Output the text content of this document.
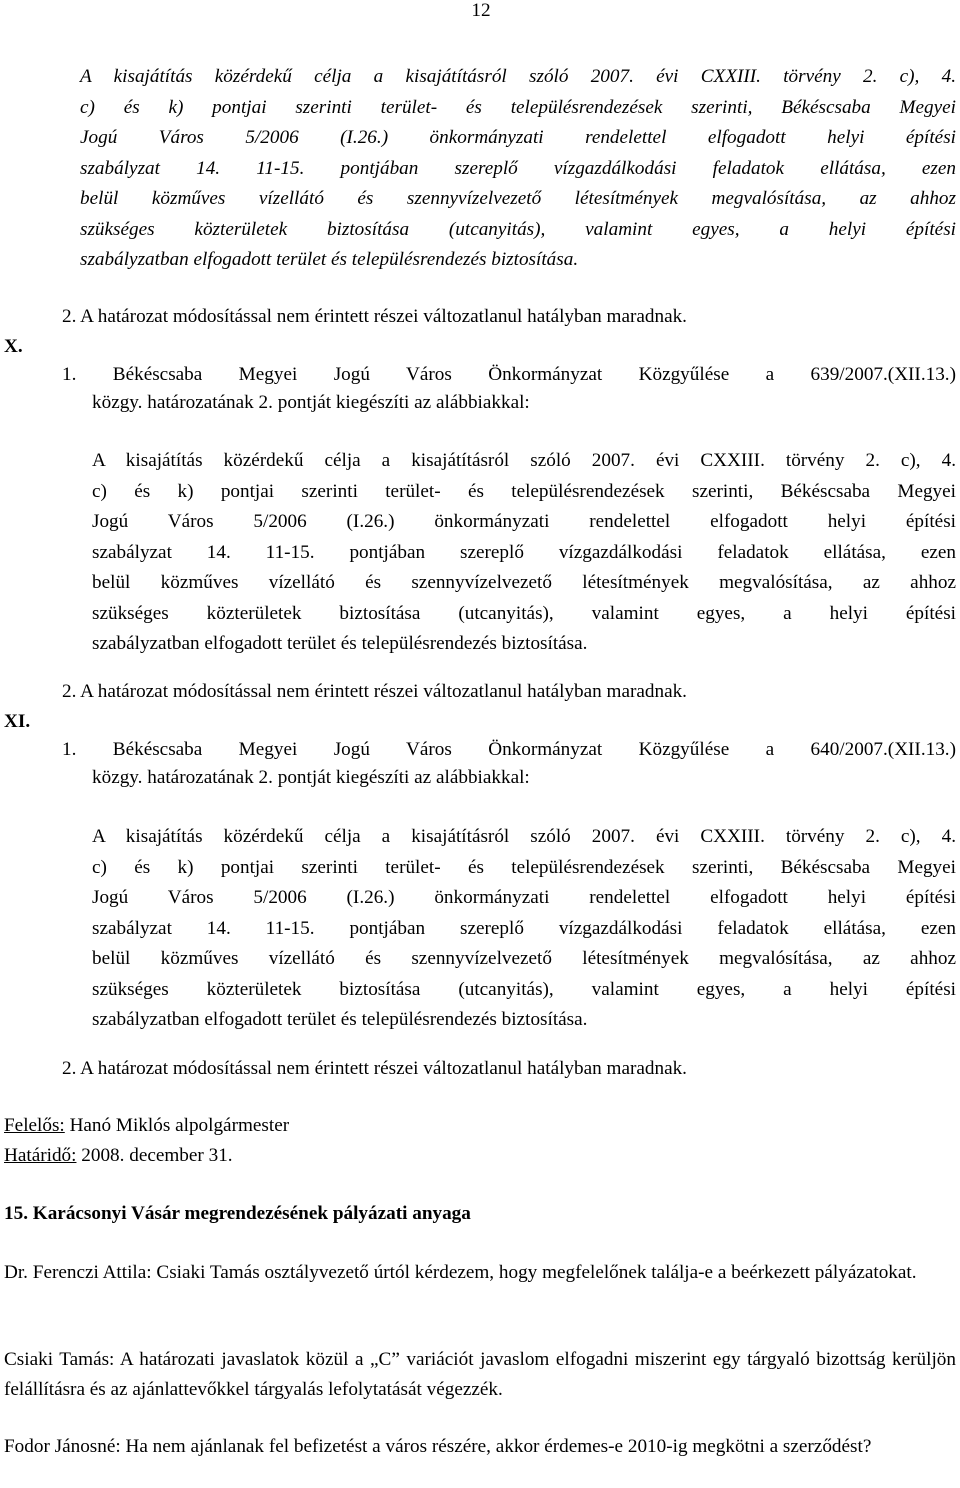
12
A kisajátítás közérdekű célja a kisajátításról szóló 2007. évi CXXIII. törvény 2. c), 4.
c) és k) pontjai szerinti terület- és településrendezések szerinti, Békéscsaba Megyei
Jogú Város 5/2006 (I.26.) önkormányzati rendelettel elfogadott helyi építési
szabályzat 14. 11-15. pontjában szereplő vízgazdálkodási feladatok ellátása, ezen
belül közműves vízellátó és szennyvízelvezető létesítmények megvalósítása, az ahhoz
szükséges közterületek biztosítása (utcanyitás), valamint egyes, a helyi építési
szabályzatban elfogadott terület és településrendezés biztosítása.
2. A határozat módosítással nem érintett részei változatlanul hatályban maradnak.
X.
1. Békéscsaba Megyei Jogú Város Önkormányzat Közgyűlése a 639/2007.(XII.13.)
közgy. határozatának 2. pontját kiegészíti az alábbiakkal:
A kisajátítás közérdekű célja a kisajátításról szóló 2007. évi CXXIII. törvény 2. c), 4.
c) és k) pontjai szerinti terület- és településrendezések szerinti, Békéscsaba Megyei
Jogú Város 5/2006 (I.26.) önkormányzati rendelettel elfogadott helyi építési
szabályzat 14. 11-15. pontjában szereplő vízgazdálkodási feladatok ellátása, ezen
belül közműves vízellátó és szennyvízelvezető létesítmények megvalósítása, az ahhoz
szükséges közterületek biztosítása (utcanyitás), valamint egyes, a helyi építési
szabályzatban elfogadott terület és településrendezés biztosítása.
2. A határozat módosítással nem érintett részei változatlanul hatályban maradnak.
XI.
1. Békéscsaba Megyei Jogú Város Önkormányzat Közgyűlése a 640/2007.(XII.13.)
közgy. határozatának 2. pontját kiegészíti az alábbiakkal:
A kisajátítás közérdekű célja a kisajátításról szóló 2007. évi CXXIII. törvény 2. c), 4.
c) és k) pontjai szerinti terület- és településrendezések szerinti, Békéscsaba Megyei
Jogú Város 5/2006 (I.26.) önkormányzati rendelettel elfogadott helyi építési
szabályzat 14. 11-15. pontjában szereplő vízgazdálkodási feladatok ellátása, ezen
belül közműves vízellátó és szennyvízelvezető létesítmények megvalósítása, az ahhoz
szükséges közterületek biztosítása (utcanyitás), valamint egyes, a helyi építési
szabályzatban elfogadott terület és településrendezés biztosítása.
2. A határozat módosítással nem érintett részei változatlanul hatályban maradnak.
Felelős: Hanó Miklós alpolgármester
Határidő: 2008. december 31.
15. Karácsonyi Vásár megrendezésének pályázati anyaga
Dr. Ferenczi Attila: Csiaki Tamás osztályvezető úrtól kérdezem, hogy megfelelőnek találja-e a beérkezett pályázatokat.
Csiaki Tamás: A határozati javaslatok közül a „C” variációt javaslom elfogadni miszerint egy tárgyaló bizottság kerüljön felállításra és az ajánlattevőkkel tárgyalás lefolytatását végezzék.
Fodor Jánosné: Ha nem ajánlanak fel befizetést a város részére, akkor érdemes-e 2010-ig megkötni a szerződést?
